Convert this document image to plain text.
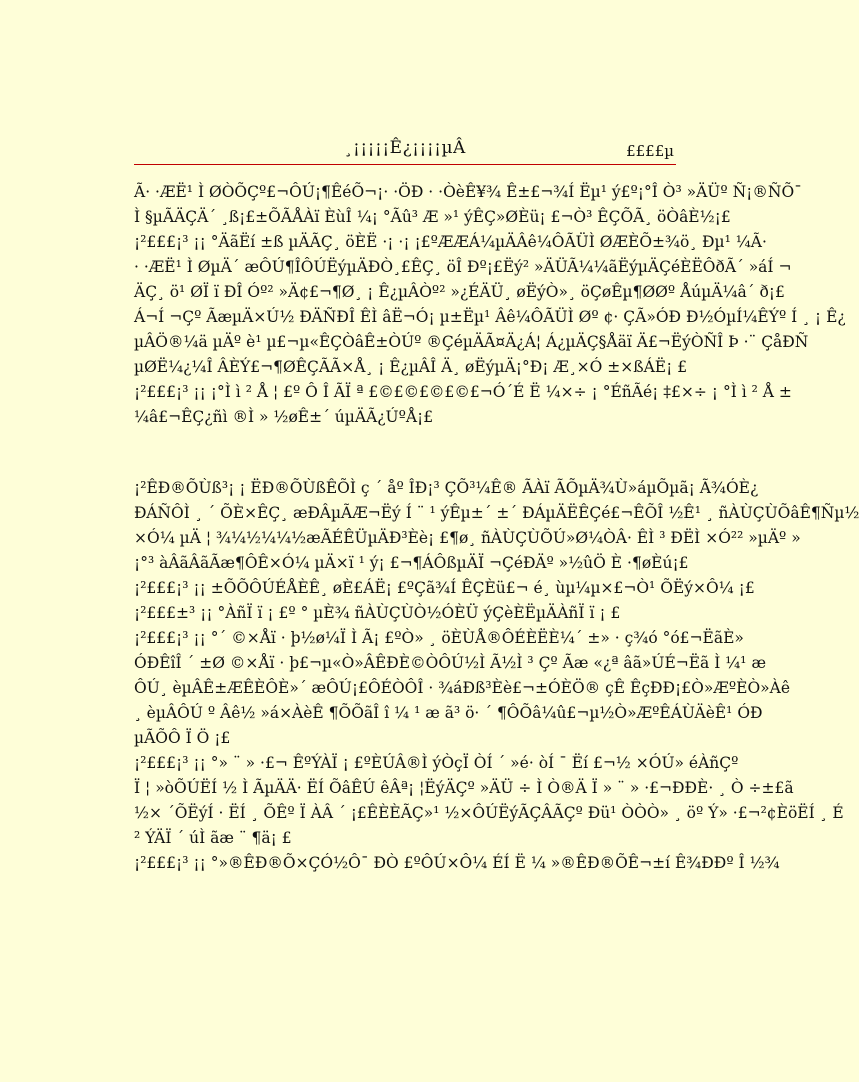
¸¡¡¡¡¡Ê¿¡¡¡¡µÂ	££££µ
Ã· ·ÆË¹ Ì ØÒÕÇº£¬ÔÚ¡¶ÊéÕ¬¡· ·ÖÐ · ·ÒèÊ¥¾ Ê±£¬¾Í Ëµ¹ ý£º¡°Î Ò³ »ÄÜº Ñ¡®ÑÕ¯
Ì §µÃÄÇÄ´ ¸ß¡£±ÕÃÅÀï ÈùÎ ¼¡ °Ãû³ Æ »¹ ýÊÇ»ØÈü¡ £¬Ò³ ÊÇÕÃ¸ öÒâÈ½¡£
¡²£££¡³ ¡¡ °ÄãËí ±ß µÄÃÇ¸ öÈË ·¡ ·¡ ¡£ºÆÆÁ¼µÄÂê¼ÔÃÜÌ ØÆÈÕ±¾ö¸ Ðµ¹ ¼Ã·
· ·ÆË¹ Ì ØµÄ´ æÔÚ¶ÎÔÚËýµÄÐÒ¸£ÊÇ¸ öÎ Ðº¡£Ëý² »ÄÜÃ¼¼ãËýµÄÇéÈËÔðÃ´ »áÍ ¬
ÄÇ¸ ö¹ ØÏ ï ÐÎ Óº² »Ä¢£¬¶Ø¸ ¡ Ê¿µÂÒº² »¿ÉÄÜ¸ øËýÒ»¸ öÇøÊµ¶ØØº ÅúµÄ¼â´ ð¡£
Á¬Í ¬Çº ÃæµÄ×Ú½ ÐÄÑÐÎ ÊÌ âË¬Ó¡ µ±Ëµ¹ Âê¼ÔÃÜÌ Øº ¢· ÇÃ»ÓÐ Ð½ÓµÍ¼ÊÝº Í ¸ ¡ Ê¿
µÂÖ®¼ä µÄº è¹ µ£¬µ«ÊÇÒâÊ±ÒÚº ®ÇéµÄÃ¤Ä¿Á¦ Á¿µÄÇ§Åäï Ä£¬ËýÒÑÎ Þ ·¨ ÇåÐÑ
µØË¼¿¼Î ÂÈÝ£¬¶ØÊÇÃÃ×Å¸ ¡ Ê¿µÂÎ Ä¸ øËýµÄ¡°Ð¡ Æ¸×Ó ±×ßÁË¡ £
¡²£££¡³ ¡¡ ¡°Ì ì ² Å ¦ £º Ô Î ÃÏ ª £©£©£©£©£¬Ó´É Ë ¼×÷ ¡ °ÉñÃé¡ ‡£×÷ ¡ °Ì ì ² Å ±
¼â£¬ÊÇ¿ñì ®Ì » ½øÊ±´ úµÄÃ¿ÚºÅ¡£
¡²ÊÐ®ÕÙß³¡ ¡ ËÐ®ÕÙßÊÕÌ ç ´ åº ÎÐ¡³ ÇÕ³¼Ê® ÃÀï ÃÕµÄ¾Ù»áµÕµã¡ Ã¾ÓÈ¿
ÐÁÑÔÌ ¸ ´ ÕÈ×ÊÇ¸ æÐÂµÃÆ¬Ëý Í ¨ ¹ ýÊµ±´ ±´ ÐÁµÄËÊÇé£¬ÊÕÎ ½Ê¹ ¸ ñÀÙÇÙÕâÊ¶Ñµ½
×Ó¼ µÄ ¦ ¾¼½¼¼½æÃÉÊÜµÄÐ³Èè¡ £¶ø¸ ñÀÙÇÙÕÚ»Ø¼ÒÂ· ÊÌ ³ ÐËÌ ×Ó²² »µÄº »
¡°³ àÂãÂãÃæ¶ÔÊ×Ó¼ µÄ×ï ¹ ý¡ £¬¶ÁÔßµÄÏ ¬ÇéÐÄº »½ûÖ È ·¶øÈú¡£
¡²£££¡³ ¡¡ ±ÕÕÔÚÉÅÈÊ¸ øÈ£ÁË¡ £ºÇã¾Í ÊÇÈü£¬ é¸ ùµ¼µ×£¬Ò¹ ÕËý×Ô¼ ¡£
¡²£££±³ ¡¡ °ÀñÏ ï ¡ £º ° µÈ¾ ñÀÙÇÙÒ½ÓÈÜ ýÇèÈËµÄÀñÏ ï ¡ £
¡²£££¡³ ¡¡ °´ ©×Åï · þ½ø¼Ï Ì Ã¡ £ºÒ» ¸ öÈÙÅ®ÔÉÈËÈ¼´ ±» · ç¾ó °ó£¬ËãÈ»
ÓÐÊîÎ ´ ±Ø ©×Åï · þ£¬µ«Ò»ÂÊÐÈ©ÒÔÚ½Ì Ã½Ì ³ Çº Ãæ «¿ª âã»ÚÉ¬Ëã Ì ¼¹ æ
ÔÚ¸ èµÂÊ±ÆÊÈÔÈ»´ æÔÚ¡£ÔÉÒÔÎ · ¾áÐß³Èè£¬±ÓÈÖ® çÊ ÊçÐÐ¡£Ò»ÆºÈÒ»Àê
¸ èµÂÔÚ º Âê½ »á×ÀèÊ ¶ÕÕãÎ î ¼ ¹ æ ã³ ö· ´ ¶ÔÕâ¼û£¬µ½Ò»ÆºÊÁÙÄèÊ¹ ÓÐ
µÃÕÔ Ï Ö ¡£
¡²£££¡³ ¡¡ °» ¨ » ·£¬ ÊºÝÀÏ ¡ £ºÈÚÂ®Ì ýÒçÏ ÒÍ ´ »é· òÍ ¯ Ëí £¬½ ×ÓÚ» éÀñÇº
Ï ¦ »òÕÚËÍ ½ Ì ÃµÄÄ· ËÍ ÕâÊÚ êÂª¡ ¦ËýÄÇº »ÄÜ ÷ Ì Ò®Ä Ï » ¨ » ·£¬ÐÐÈ· ¸ Ò ÷±£ã
½× ´ÕËýÍ · ËÍ ¸ ÕÊº Ï ÀÂ ´ ¡£ÊÈÈÃÇ»¹ ½×ÔÚËýÃÇÂÃÇº Ðü¹ ÒÒÒ» ¸ öº Ý» ·£¬²¢ÈöËÍ ¸ É
² ÝÄÏ ´ úÌ ãæ ¨ ¶ä¡ £
¡²£££¡³ ¡¡ °»®ÊÐ®Õ×ÇÓ½Ô¯ ÐÒ £ºÔÚ×Ô¼ ÉÍ Ë ¼ »®ÊÐ®ÕÊ¬±í Ê¾ÐÐº Î ½¾
